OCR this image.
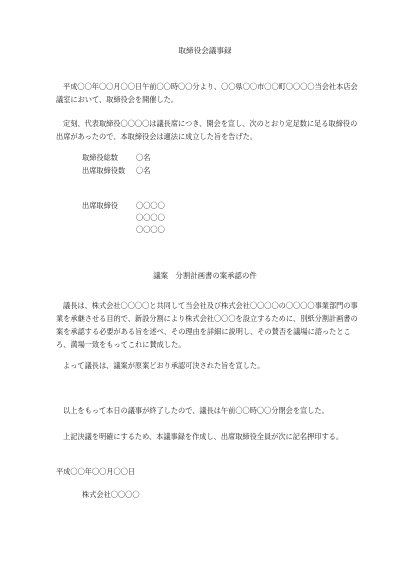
取締役会議事録
平成〇〇年〇〇月〇〇日午前〇〇時〇〇分より、〇〇県〇〇市〇〇町〇〇〇〇当会社本店会議室において、取締役会を開催した。
定刻、代表取締役〇〇〇〇は議長席につき、開会を宣し、次のとおり定足数に足る取締役の出席があったので、本取締役会は適法に成立した旨を告げた。
取締役総数	〇名
出席取締役数 〇名
出席取締役	〇〇〇〇
〇〇〇〇
〇〇〇〇
議案　分割計画書の案承認の件
議長は、株式会社〇〇〇〇と共同して当会社及び株式会社〇〇〇〇の〇〇〇〇事業部門の事業を承継させる目的で、新設分割により株式会社〇〇〇を設立するために、別紙分割計画書の案を承認する必要がある旨を述べ、その理由を詳細に説明し、その賛否を議場に諮ったところ、満場一致をもってこれに賛成した。
よって議長は、議案が原案どおり承認可決された旨を宣した。
以上をもって本日の議事が終了したので、議長は午前〇〇時〇〇分閉会を宣した。
上記決議を明確にするため、本議事録を作成し、出席取締役全員が次に記名押印する。
平成〇〇年〇〇月〇〇日
株式会社〇〇〇〇
